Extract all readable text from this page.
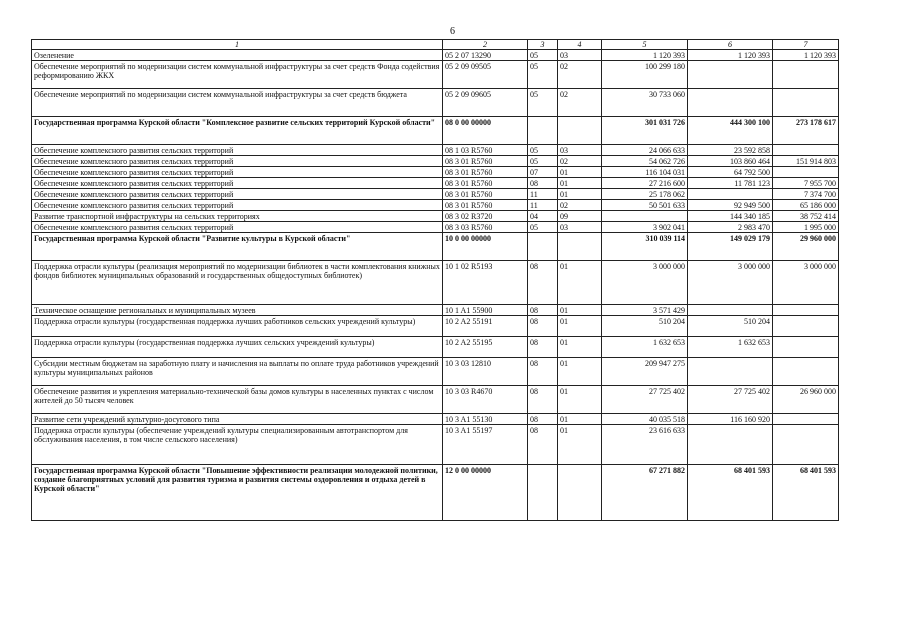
6
1	2	3	4	5	6	7
Озеленение	05 2 07 13290	05	03	1 120 393	1 120 393	1 120 393
Обеспечение мероприятий по модернизации систем коммунальной инфраструктуры за счет средств Фонда содействия реформированию ЖКХ	05 2 09 09505	05	02	100 299 180		
Обеспечение мероприятий по модернизации систем коммунальной инфраструктуры за счет средств бюджета	05 2 09 09605	05	02	30 733 060		
Государственная программа Курской области "Комплексное развитие сельских территорий Курской области"	08 0 00 00000			301 031 726	444 300 100	273 178 617
Обеспечение комплексного развития сельских территорий	08 1 03 R5760	05	03	24 066 633	23 592 858	
Обеспечение комплексного развития сельских территорий	08 3 01 R5760	05	02	54 062 726	103 860 464	151 914 803
Обеспечение комплексного развития сельских территорий	08 3 01 R5760	07	01	116 104 031	64 792 500	
Обеспечение комплексного развития сельских территорий	08 3 01 R5760	08	01	27 216 600	11 781 123	7 955 700
Обеспечение комплексного развития сельских территорий	08 3 01 R5760	11	01	25 178 062		7 374 700
Обеспечение комплексного развития сельских территорий	08 3 01 R5760	11	02	50 501 633	92 949 500	65 186 000
Развитие транспортной инфраструктуры на сельских территориях	08 3 02 R3720	04	09		144 340 185	38 752 414
Обеспечение комплексного развития сельских территорий	08 3 03 R5760	05	03	3 902 041	2 983 470	1 995 000
Государственная программа Курской области "Развитие культуры в Курской области"	10 0 00 00000			310 039 114	149 029 179	29 960 000
Поддержка отрасли культуры (реализация мероприятий по модернизации библиотек в части комплектования книжных фондов библиотек муниципальных образований и государственных общедоступных библиотек)	10 1 02 R5193	08	01	3 000 000	3 000 000	3 000 000
Техническое оснащение региональных и муниципальных музеев	10 1 A1 55900	08	01	3 571 429		
Поддержка отрасли культуры (государственная поддержка лучших работников сельских учреждений культуры)	10 2 A2 55191	08	01	510 204	510 204	
Поддержка отрасли культуры (государственная поддержка лучших сельских учреждений культуры)	10 2 A2 55195	08	01	1 632 653	1 632 653	
Субсидии местным бюджетам на заработную плату и начисления на выплаты по оплате труда работников учреждений культуры муниципальных районов	10 3 03 12810	08	01	209 947 275		
Обеспечение развития и укрепления материально-технической базы домов культуры в населенных пунктах с числом жителей до 50 тысяч человек	10 3 03 R4670	08	01	27 725 402	27 725 402	26 960 000
Развитие сети учреждений культурно-досугового типа	10 3 A1 55130	08	01	40 035 518	116 160 920	
Поддержка отрасли культуры (обеспечение учреждений культуры специализированным автотранспортом для обслуживания населения, в том числе сельского населения)	10 3 A1 55197	08	01	23 616 633		
Государственная программа Курской области "Повышение эффективности реализации молодежной политики, создание благоприятных условий для развития туризма и развития системы оздоровления и отдыха детей в Курской области"	12 0 00 00000			67 271 882	68 401 593	68 401 593
